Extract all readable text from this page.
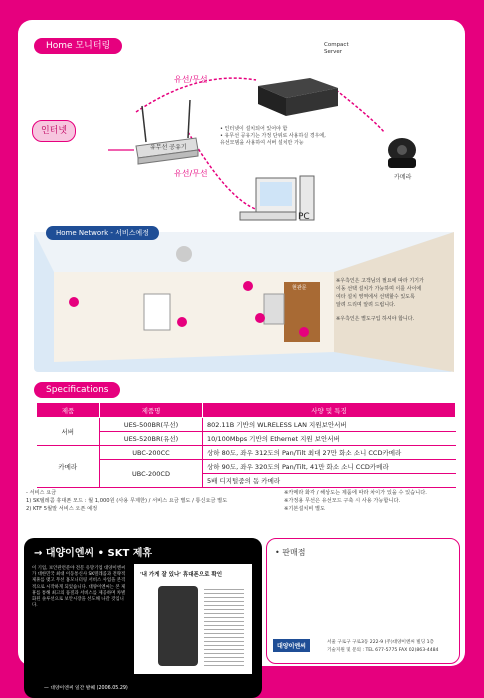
Home 모니터링
인터넷
유선/무선
유선/무선
유무선 공유기
Compact Server
카메라
PC
• 인터넷이 설치되어 있어야 함
• 유무선 공유기는 가정 단위로 사용하실 경우에,
유선모뎀을 사용하여 서버 설치만 가능
Home Network - 서비스예정
현관문
※우측인은 고객님의 필요에 따라 기기가
이동 선택 설치가 가능하며 이를 사이에
여타 설치 영역에서 선택할수 있도록
알려 드리며 알려 드립니다.
※우측인은 별도구입 하셔야 합니다.
Specifications
제품	제품명	사양 및 특징
서버	UES-500BR(무선)	802.11B 기반의 WLRELESS LAN 지원보안서버
	UES-520BR(유선)	10/100Mbps 기반의 Ethernet 지원 보안서버
카메라	UBC-200CC	상하 80도, 좌우 312도의 Pan/Tilt 최대 27만 화소 소니 CCD카메라
	UBC-200CD	상하 90도, 좌우 320도의 Pan/Tilt, 41만 화소 소니 CCD카메라
		5배 디지털줌의 돔 카메라
- 서비스 요금
1) SK텔레콤 휴대폰 모드 : 월 1,000원 (사용 무제한) / 서비스 요금 별도 / 통신요금 별도
2) KTF 5월말 서비스 오픈 예정
※카메라 화각 / 해상도는 제품에 따라 차이가 있을 수 있습니다.
※가정용 무선은 유선모드 구축 시 사용 가능합니다.
※기본설치비 별도
→ 대양이엔씨 • SKT 제휴
이 기업, 보안관련분야 전문 유망기업 대양이엔씨가 대한민국 최대 이동통신사 SK텔레콤과 전략적 제휴를 맺고 무선 홈모니터링 서비스 사업을 본격적으로 시작하게 되었습니다. 대양이엔씨는 본 제휴를 통해 최고의 품질과 서비스를 제공하며 차별화된 솔루션으로 보안시장을 선도해 나갈 것입니다.
'내 가게 잘 있나' 휴대폰으로 확인
— 대양이엔씨 일간 발췌 (2006.05.29)
• 판매점
대양이엔씨
서울 구로구 구로3동 222-9 (주)대양이엔씨 빌딩 1층
기술지원 및 문의 : TEL 677-5775 FAX 02)863-4484
